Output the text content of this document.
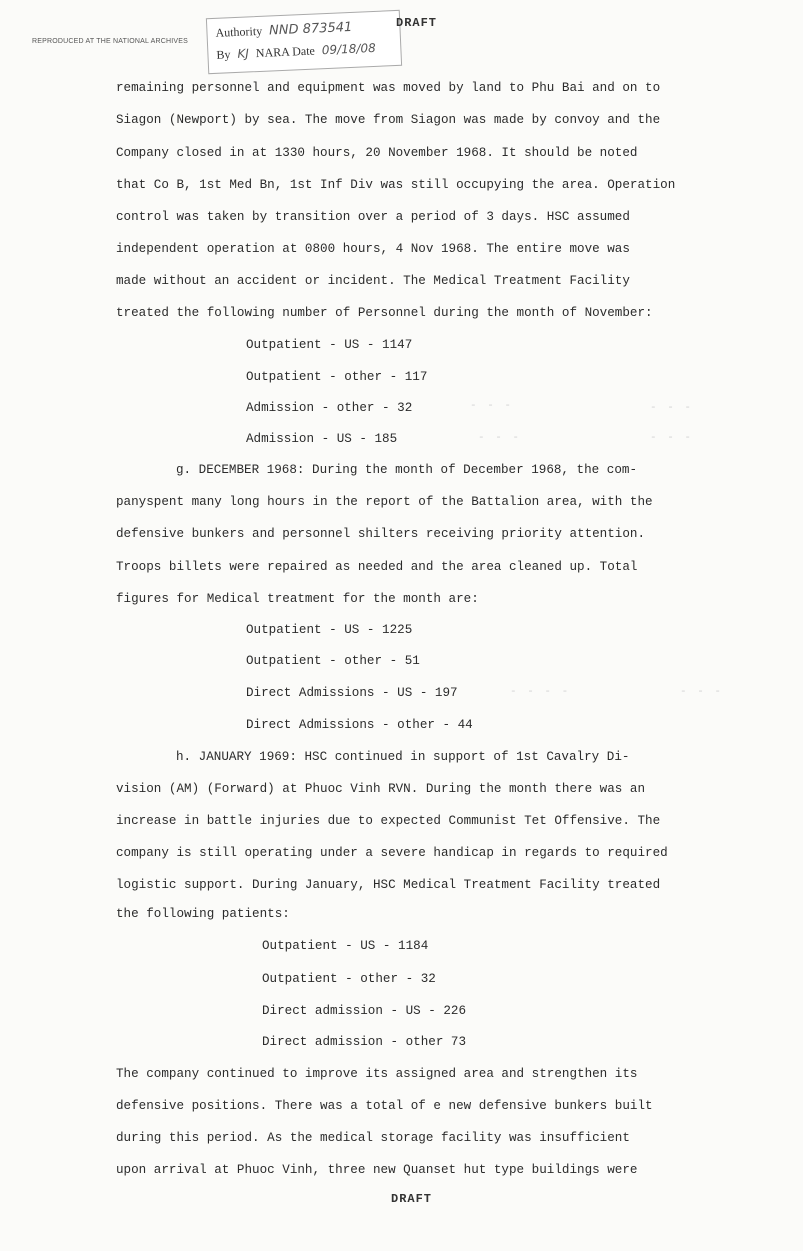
REPRODUCED AT THE NATIONAL ARCHIVES
Authority NND 873541
By KJ NARA Date 09/18/08
DRAFT
remaining personnel and equipment was moved by land to Phu Bai and on to
Siagon (Newport) by sea. The move from Siagon was made by convoy and the
Company closed in at 1330 hours, 20 November 1968. It should be noted
that Co B, 1st Med Bn, 1st Inf Div was still occupying the area. Operation
control was taken by transition over a period of 3 days. HSC assumed
independent operation at 0800 hours, 4 Nov 1968. The entire move was
made without an accident or incident. The Medical Treatment Facility
treated the following number of Personnel during the month of November:
Outpatient - US - 1147
Outpatient - other - 117
Admission - other - 32
Admission - US - 185
- - -	- - -
- - -	- - -
g. DECEMBER 1968: During the month of December 1968, the com-
panyspent many long hours in the report of the Battalion area, with the
defensive bunkers and personnel shilters receiving priority attention.
Troops billets were repaired as needed and the area cleaned up. Total
figures for Medical treatment for the month are:
Outpatient - US - 1225
Outpatient - other - 51
Direct Admissions - US - 197
Direct Admissions - other - 44
- - - -	- - -
h. JANUARY 1969: HSC continued in support of 1st Cavalry Di-
vision (AM) (Forward) at Phuoc Vinh RVN. During the month there was an
increase in battle injuries due to expected Communist Tet Offensive. The
company is still operating under a severe handicap in regards to required
logistic support. During January, HSC Medical Treatment Facility treated
the following patients:
Outpatient - US - 1184
Outpatient - other - 32
Direct admission - US - 226
Direct admission - other 73
The company continued to improve its assigned area and strengthen its
defensive positions. There was a total of e new defensive bunkers built
during this period. As the medical storage facility was insufficient
upon arrival at Phuoc Vinh, three new Quanset hut type buildings were
DRAFT
